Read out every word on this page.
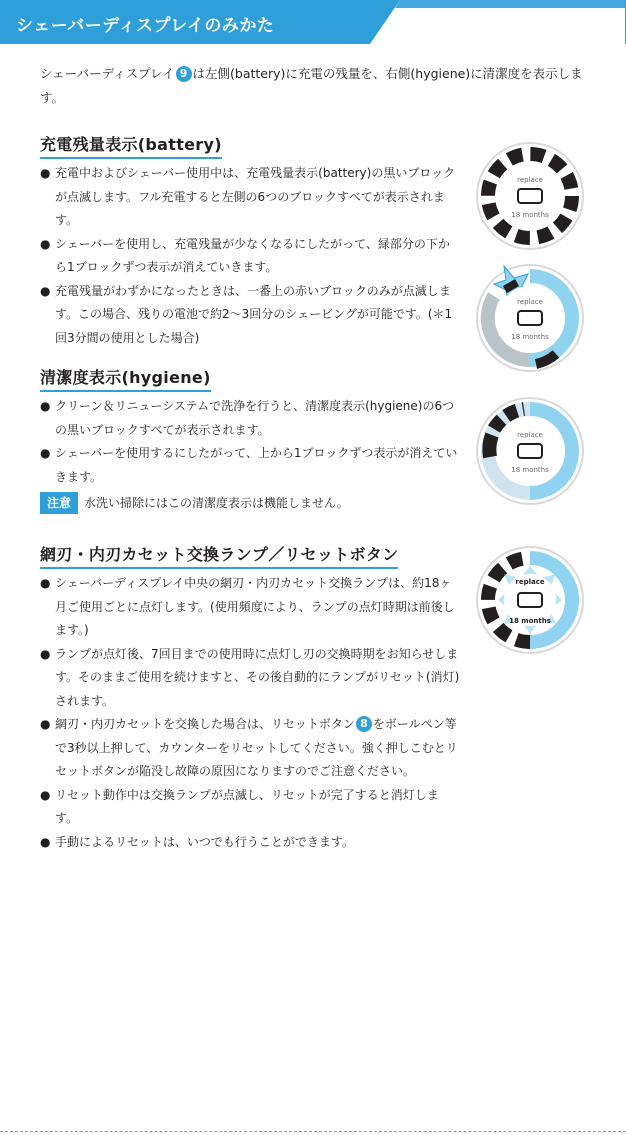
シェーバーディスプレイのみかた
シェーバーディスプレイ 9 は左側(battery)に充電の残量を、右側(hygiene)に清潔度を表示します。
充電残量表示(battery)
● 充電中およびシェーバー使用中は、充電残量表示(battery)の黒いブロックが点滅します。フル充電すると左側の6つのブロックすべてが表示されます。
● シェーバーを使用し、充電残量が少なくなるにしたがって、緑部分の下から1ブロックずつ表示が消えていきます。
● 充電残量がわずかになったときは、一番上の赤いブロックのみが点滅します。この場合、残りの電池で約2〜3回分のシェービングが可能です。(＊1回3分間の使用とした場合)
清潔度表示(hygiene)
● クリーン＆リニューシステムで洗浄を行うと、清潔度表示(hygiene)の6つの黒いブロックすべてが表示されます。
● シェーバーを使用するにしたがって、上から1ブロックずつ表示が消えていきます。
注意 水洗い掃除にはこの清潔度表示は機能しません。
網刃・内刃カセット交換ランプ／リセットボタン
● シェーバーディスプレイ中央の網刃・内刃カセット交換ランプは、約18ヶ月ご使用ごとに点灯します。(使用頻度により、ランプの点灯時期は前後します。)
● ランプが点灯後、7回目までの使用時に点灯し刃の交換時期をお知らせします。そのままご使用を続けますと、その後自動的にランプがリセット(消灯)されます。
● 網刃・内刃カセットを交換した場合は、リセットボタン 8 をボールペン等で3秒以上押して、カウンターをリセットしてください。強く押しこむとリセットボタンが陥没し故障の原因になりますのでご注意ください。
● リセット動作中は交換ランプが点滅し、リセットが完了すると消灯します。
● 手動によるリセットは、いつでも行うことができます。
replace
18 months
replace
18 months
replace
18 months
replace
18 months
